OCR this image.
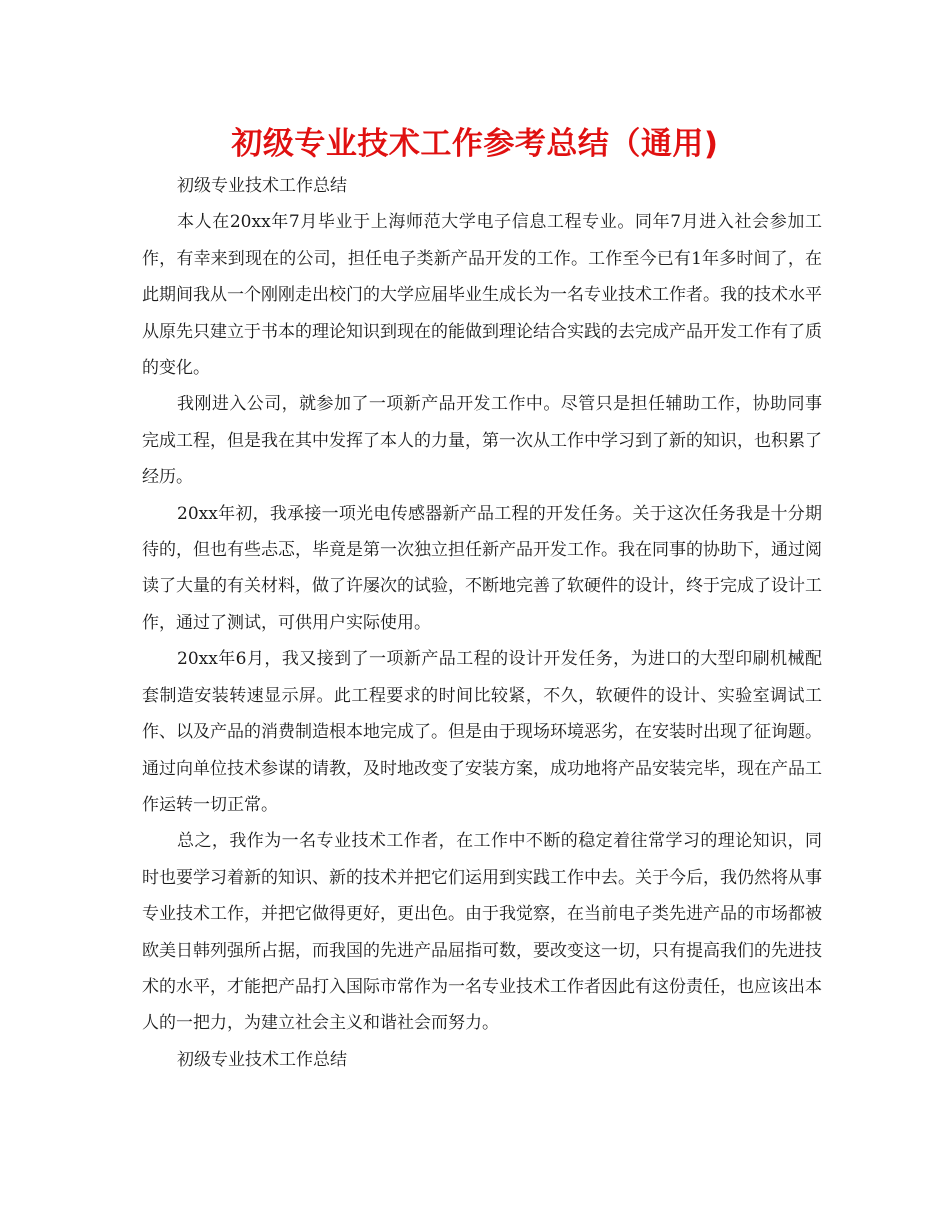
初级专业技术工作参考总结（通用)

初级专业技术工作总结

本人在20xx年7月毕业于上海师范大学电子信息工程专业。同年7月进入社会参加工作，有幸来到现在的公司，担任电子类新产品开发的工作。工作至今已有1年多时间了，在此期间我从一个刚刚走出校门的大学应届毕业生成长为一名专业技术工作者。我的技术水平从原先只建立于书本的理论知识到现在的能做到理论结合实践的去完成产品开发工作有了质的变化。

我刚进入公司，就参加了一项新产品开发工作中。尽管只是担任辅助工作，协助同事完成工程，但是我在其中发挥了本人的力量，第一次从工作中学习到了新的知识，也积累了经历。

20xx年初，我承接一项光电传感器新产品工程的开发任务。关于这次任务我是十分期待的，但也有些忐忑，毕竟是第一次独立担任新产品开发工作。我在同事的协助下，通过阅读了大量的有关材料，做了许屡次的试验，不断地完善了软硬件的设计，终于完成了设计工作，通过了测试，可供用户实际使用。

20xx年6月，我又接到了一项新产品工程的设计开发任务，为进口的大型印刷机械配套制造安装转速显示屏。此工程要求的时间比较紧，不久，软硬件的设计、实验室调试工作、以及产品的消费制造根本地完成了。但是由于现场环境恶劣，在安装时出现了征询题。通过向单位技术参谋的请教，及时地改变了安装方案，成功地将产品安装完毕，现在产品工作运转一切正常。

总之，我作为一名专业技术工作者，在工作中不断的稳定着往常学习的理论知识，同时也要学习着新的知识、新的技术并把它们运用到实践工作中去。关于今后，我仍然将从事专业技术工作，并把它做得更好，更出色。由于我觉察，在当前电子类先进产品的市场都被欧美日韩列强所占据，而我国的先进产品屈指可数，要改变这一切，只有提高我们的先进技术的水平，才能把产品打入国际市常作为一名专业技术工作者因此有这份责任，也应该出本人的一把力，为建立社会主义和谐社会而努力。

初级专业技术工作总结
